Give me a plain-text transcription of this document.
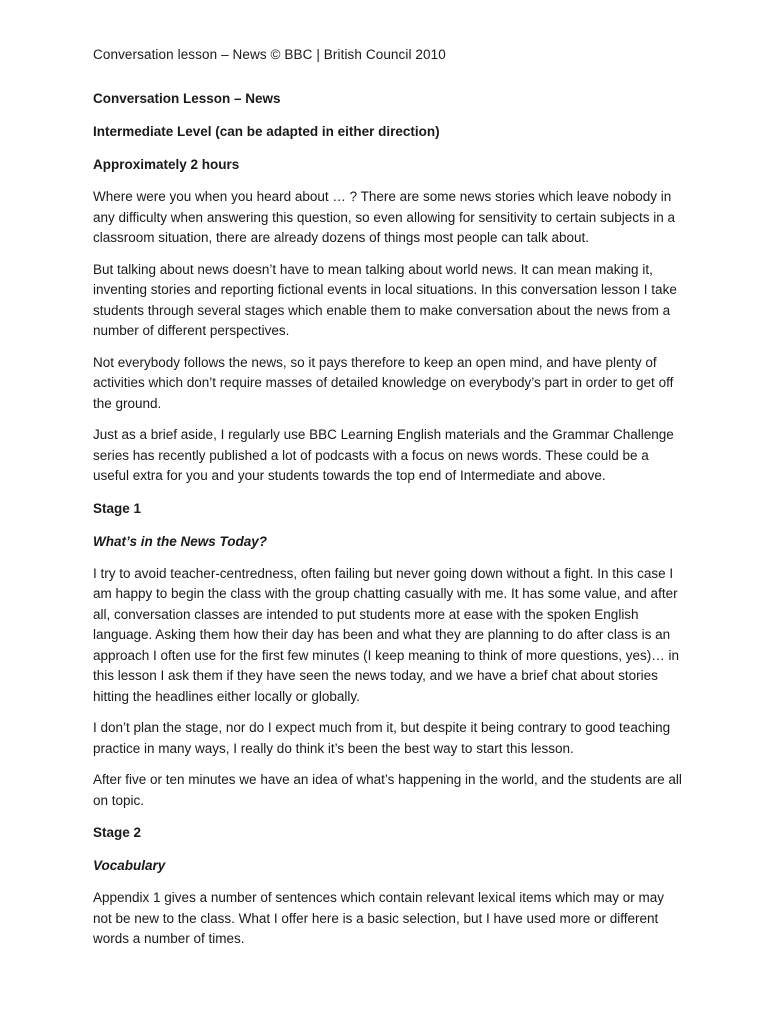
Conversation lesson – News © BBC | British Council 2010
Conversation Lesson – News
Intermediate Level (can be adapted in either direction)
Approximately 2 hours

Where were you when you heard about … ? There are some news stories which leave nobody in any difficulty when answering this question, so even allowing for sensitivity to certain subjects in a classroom situation, there are already dozens of things most people can talk about.

But talking about news doesn’t have to mean talking about world news. It can mean making it, inventing stories and reporting fictional events in local situations. In this conversation lesson I take students through several stages which enable them to make conversation about the news from a number of different perspectives.

Not everybody follows the news, so it pays therefore to keep an open mind, and have plenty of activities which don’t require masses of detailed knowledge on everybody’s part in order to get off the ground.

Just as a brief aside, I regularly use BBC Learning English materials and the Grammar Challenge series has recently published a lot of podcasts with a focus on news words. These could be a useful extra for you and your students towards the top end of Intermediate and above.

Stage 1
What’s in the News Today?

I try to avoid teacher-centredness, often failing but never going down without a fight. In this case I am happy to begin the class with the group chatting casually with me. It has some value, and after all, conversation classes are intended to put students more at ease with the spoken English language. Asking them how their day has been and what they are planning to do after class is an approach I often use for the first few minutes (I keep meaning to think of more questions, yes)… in this lesson I ask them if they have seen the news today, and we have a brief chat about stories hitting the headlines either locally or globally.

I don’t plan the stage, nor do I expect much from it, but despite it being contrary to good teaching practice in many ways, I really do think it’s been the best way to start this lesson.

After five or ten minutes we have an idea of what’s happening in the world, and the students are all on topic.

Stage 2
Vocabulary

Appendix 1 gives a number of sentences which contain relevant lexical items which may or may not be new to the class. What I offer here is a basic selection, but I have used more or different words a number of times.
